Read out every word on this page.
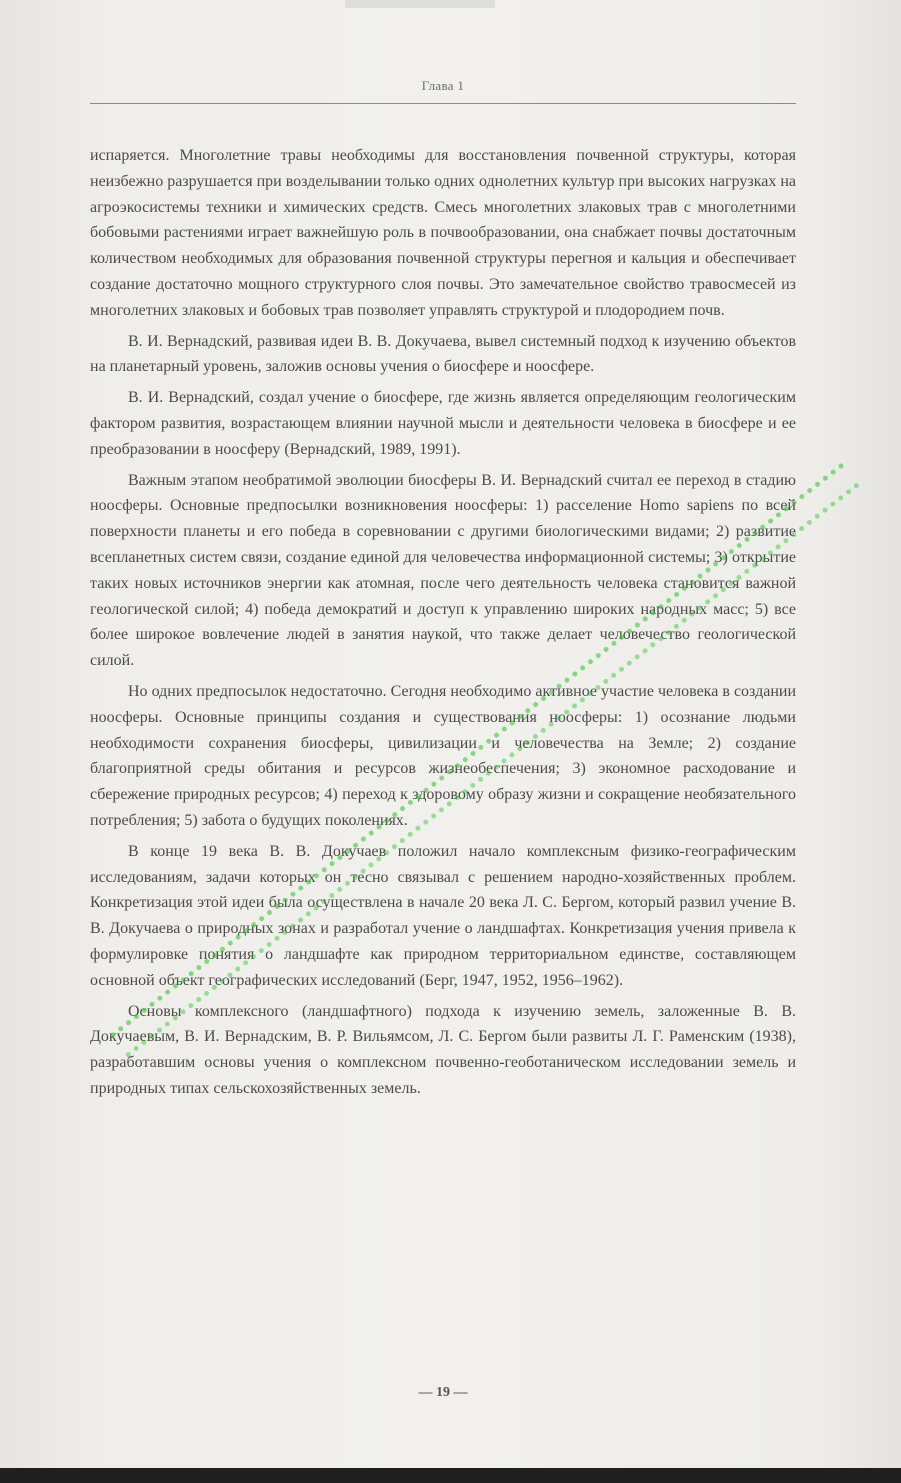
Глава 1

испаряется. Многолетние травы необходимы для восстановления почвенной структуры, которая неизбежно разрушается при возделывании только одних однолетних культур при высоких нагрузках на агроэкосистемы техники и химических средств. Смесь многолетних злаковых трав с многолетними бобовыми растениями играет важнейшую роль в почвообразовании, она снабжает почвы достаточным количеством необходимых для образования почвенной структуры перегноя и кальция и обеспечивает создание достаточно мощного структурного слоя почвы. Это замечательное свойство травосмесей из многолетних злаковых и бобовых трав позволяет управлять структурой и плодородием почв.

В. И. Вернадский, развивая идеи В. В. Докучаева, вывел системный подход к изучению объектов на планетарный уровень, заложив основы учения о биосфере и ноосфере.

В. И. Вернадский, создал учение о биосфере, где жизнь является определяющим геологическим фактором развития, возрастающем влиянии научной мысли и деятельности человека в биосфере и ее преобразовании в ноосферу (Вернадский, 1989, 1991).

Важным этапом необратимой эволюции биосферы В. И. Вернадский считал ее переход в стадию ноосферы. Основные предпосылки возникновения ноосферы: 1) расселение Homo sapiens по всей поверхности планеты и его победа в соревновании с другими биологическими видами; 2) развитие всепланетных систем связи, создание единой для человечества информационной системы; 3) открытие таких новых источников энергии как атомная, после чего деятельность человека становится важной геологической силой; 4) победа демократий и доступ к управлению широких народных масс; 5) все более широкое вовлечение людей в занятия наукой, что также делает человечество геологической силой.

Но одних предпосылок недостаточно. Сегодня необходимо активное участие человека в создании ноосферы. Основные принципы создания и существования ноосферы: 1) осознание людьми необходимости сохранения биосферы, цивилизации и человечества на Земле; 2) создание благоприятной среды обитания и ресурсов жизнеобеспечения; 3) экономное расходование и сбережение природных ресурсов; 4) переход к здоровому образу жизни и сокращение необязательного потребления; 5) забота о будущих поколениях.

В конце 19 века В. В. Докучаев положил начало комплексным физико-географическим исследованиям, задачи которых он тесно связывал с решением народно-хозяйственных проблем. Конкретизация этой идеи была осуществлена в начале 20 века Л. С. Бергом, который развил учение В. В. Докучаева о природных зонах и разработал учение о ландшафтах. Конкретизация учения привела к формулировке понятия о ландшафте как природном территориальном единстве, составляющем основной объект географических исследований (Берг, 1947, 1952, 1956–1962).

Основы комплексного (ландшафтного) подхода к изучению земель, заложенные В. В. Докучаевым, В. И. Вернадским, В. Р. Вильямсом, Л. С. Бергом были развиты Л. Г. Раменским (1938), разработавшим основы учения о комплексном почвенно-геоботаническом исследовании земель и природных типах сельскохозяйственных земель.

— 19 —
